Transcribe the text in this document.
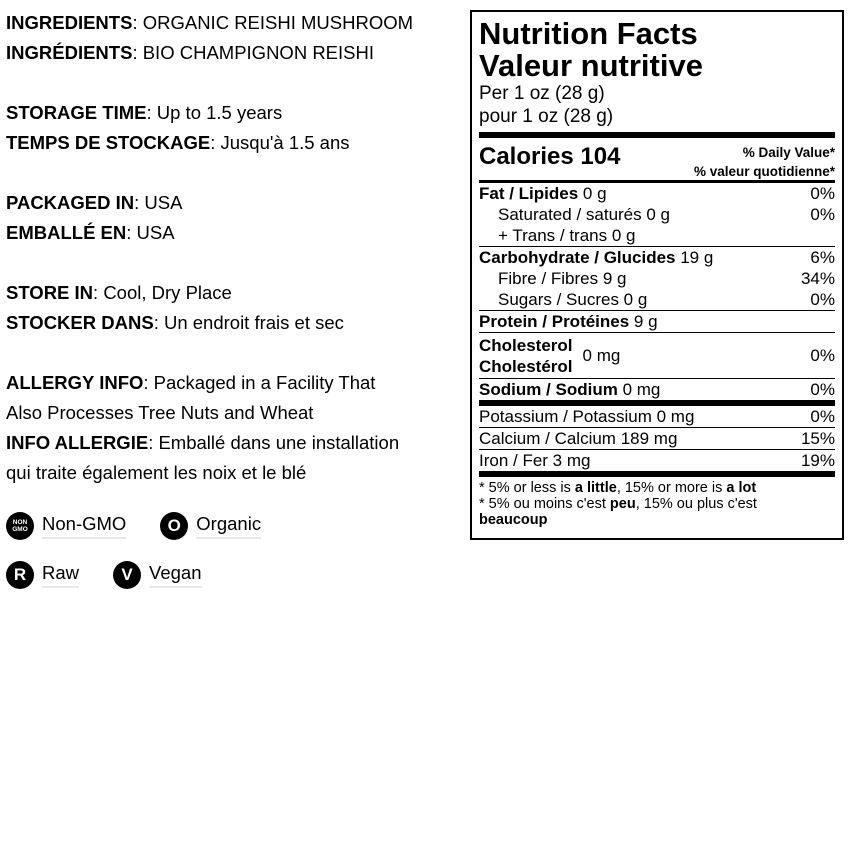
INGREDIENTS: ORGANIC REISHI MUSHROOM
INGRÉDIENTS: BIO CHAMPIGNON REISHI
STORAGE TIME: Up to 1.5 years
TEMPS DE STOCKAGE: Jusqu'à 1.5 ans
PACKAGED IN: USA
EMBALLÉ EN: USA
STORE IN: Cool, Dry Place
STOCKER DANS: Un endroit frais et sec
ALLERGY INFO: Packaged in a Facility That
Also Processes Tree Nuts and Wheat
INFO ALLERGIE: Emballé dans une installation
qui traite également les noix et le blé
NON
GMO Non-GMO	O Organic
R Raw	V Vegan
Nutrition Facts
Valeur nutritive
Per 1 oz (28 g)
pour 1 oz (28 g)
Calories 104	% Daily Value*
% valeur quotidienne*
Fat / Lipides 0 g	0%
Saturated / saturés 0 g	0%
+ Trans / trans 0 g
Carbohydrate / Glucides 19 g	6%
Fibre / Fibres 9 g	34%
Sugars / Sucres 0 g	0%
Protein / Protéines 9 g
Cholesterol
Cholestérol
0 mg	0%
Sodium / Sodium 0 mg	0%
Potassium / Potassium 0 mg	0%
Calcium / Calcium 189 mg	15%
Iron / Fer 3 mg	19%
* 5% or less is a little, 15% or more is a lot
* 5% ou moins c'est peu, 15% ou plus c'est
beaucoup
